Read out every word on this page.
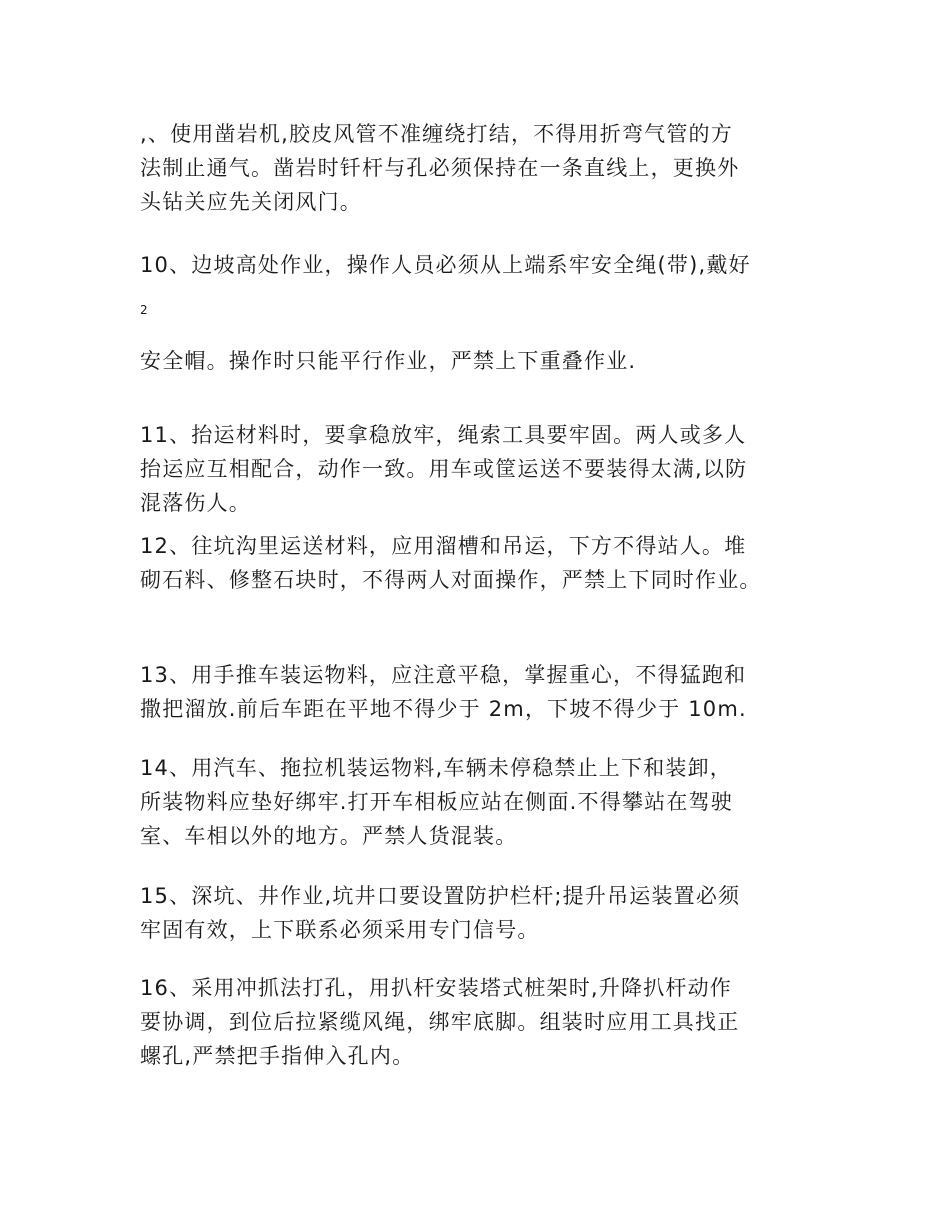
,、使用凿岩机,胶皮风管不准缠绕打结，不得用折弯气管的方
法制止通气。凿岩时钎杆与孔必须保持在一条直线上，更换外
头钻关应先关闭风门。

10、边坡高处作业，操作人员必须从上端系牢安全绳(带),戴好

2

安全帽。操作时只能平行作业，严禁上下重叠作业.

11、抬运材料时，要拿稳放牢，绳索工具要牢固。两人或多人
抬运应互相配合，动作一致。用车或筐运送不要装得太满,以防
混落伤人。

12、往坑沟里运送材料，应用溜槽和吊运，下方不得站人。堆
砌石料、修整石块时，不得两人对面操作，严禁上下同时作业。

13、用手推车装运物料，应注意平稳，掌握重心，不得猛跑和
撒把溜放.前后车距在平地不得少于 2m，下坡不得少于 10m.

14、用汽车、拖拉机装运物料,车辆未停稳禁止上下和装卸，
所装物料应垫好绑牢.打开车相板应站在侧面.不得攀站在驾驶
室、车相以外的地方。严禁人货混装。

15、深坑、井作业,坑井口要设置防护栏杆;提升吊运装置必须
牢固有效，上下联系必须采用专门信号。

16、采用冲抓法打孔，用扒杆安装塔式桩架时,升降扒杆动作
要协调，到位后拉紧缆风绳，绑牢底脚。组装时应用工具找正
螺孔,严禁把手指伸入孔内。
